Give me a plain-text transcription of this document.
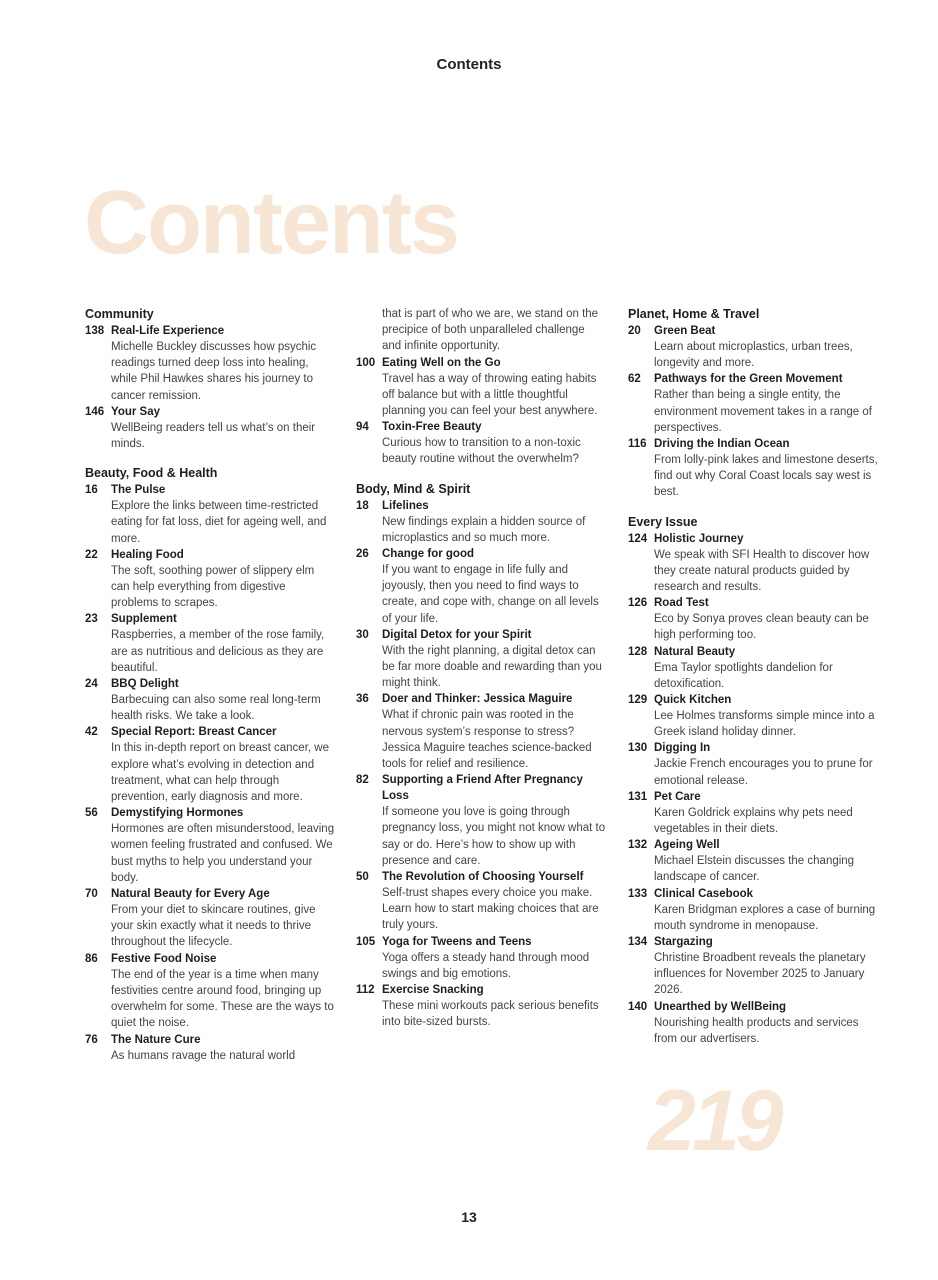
Contents
Contents
Community
138 Real-Life Experience
Michelle Buckley discusses how psychic readings turned deep loss into healing, while Phil Hawkes shares his journey to cancer remission.
146 Your Say
WellBeing readers tell us what’s on their minds.
Beauty, Food & Health
16 The Pulse
Explore the links between time-restricted eating for fat loss, diet for ageing well, and more.
22 Healing Food
The soft, soothing power of slippery elm can help everything from digestive problems to scrapes.
23 Supplement
Raspberries, a member of the rose family, are as nutritious and delicious as they are beautiful.
24 BBQ Delight
Barbecuing can also some real long-term health risks. We take a look.
42 Special Report: Breast Cancer
In this in-depth report on breast cancer, we explore what’s evolving in detection and treatment, what can help through prevention, early diagnosis and more.
56 Demystifying Hormones
Hormones are often misunderstood, leaving women feeling frustrated and confused. We bust myths to help you understand your body.
70 Natural Beauty for Every Age
From your diet to skincare routines, give your skin exactly what it needs to thrive throughout the lifecycle.
86 Festive Food Noise
The end of the year is a time when many festivities centre around food, bringing up overwhelm for some. These are the ways to quiet the noise.
76 The Nature Cure
As humans ravage the natural world
that is part of who we are, we stand on the precipice of both unparalleled challenge and infinite opportunity.
100 Eating Well on the Go
Travel has a way of throwing eating habits off balance but with a little thoughtful planning you can feel your best anywhere.
94 Toxin-Free Beauty
Curious how to transition to a non-toxic beauty routine without the overwhelm?
Body, Mind & Spirit
18 Lifelines
New findings explain a hidden source of microplastics and so much more.
26 Change for good
If you want to engage in life fully and joyously, then you need to find ways to create, and cope with, change on all levels of your life.
30 Digital Detox for your Spirit
With the right planning, a digital detox can be far more doable and rewarding than you might think.
36 Doer and Thinker: Jessica Maguire
What if chronic pain was rooted in the nervous system’s response to stress? Jessica Maguire teaches science-backed tools for relief and resilience.
82 Supporting a Friend After Pregnancy Loss
If someone you love is going through pregnancy loss, you might not know what to say or do. Here’s how to show up with presence and care.
50 The Revolution of Choosing Yourself
Self-trust shapes every choice you make. Learn how to start making choices that are truly yours.
105 Yoga for Tweens and Teens
Yoga offers a steady hand through mood swings and big emotions.
112 Exercise Snacking
These mini workouts pack serious benefits into bite-sized bursts.
Planet, Home & Travel
20 Green Beat
Learn about microplastics, urban trees, longevity and more.
62 Pathways for the Green Movement
Rather than being a single entity, the environment movement takes in a range of perspectives.
116 Driving the Indian Ocean
From lolly-pink lakes and limestone deserts, find out why Coral Coast locals say west is best.
Every Issue
124 Holistic Journey
We speak with SFI Health to discover how they create natural products guided by research and results.
126 Road Test
Eco by Sonya proves clean beauty can be high performing too.
128 Natural Beauty
Ema Taylor spotlights dandelion for detoxification.
129 Quick Kitchen
Lee Holmes transforms simple mince into a Greek island holiday dinner.
130 Digging In
Jackie French encourages you to prune for emotional release.
131 Pet Care
Karen Goldrick explains why pets need vegetables in their diets.
132 Ageing Well
Michael Elstein discusses the changing landscape of cancer.
133 Clinical Casebook
Karen Bridgman explores a case of burning mouth syndrome in menopause.
134 Stargazing
Christine Broadbent reveals the planetary influences for November 2025 to January 2026.
140 Unearthed by WellBeing
Nourishing health products and services from our advertisers.
219
13
